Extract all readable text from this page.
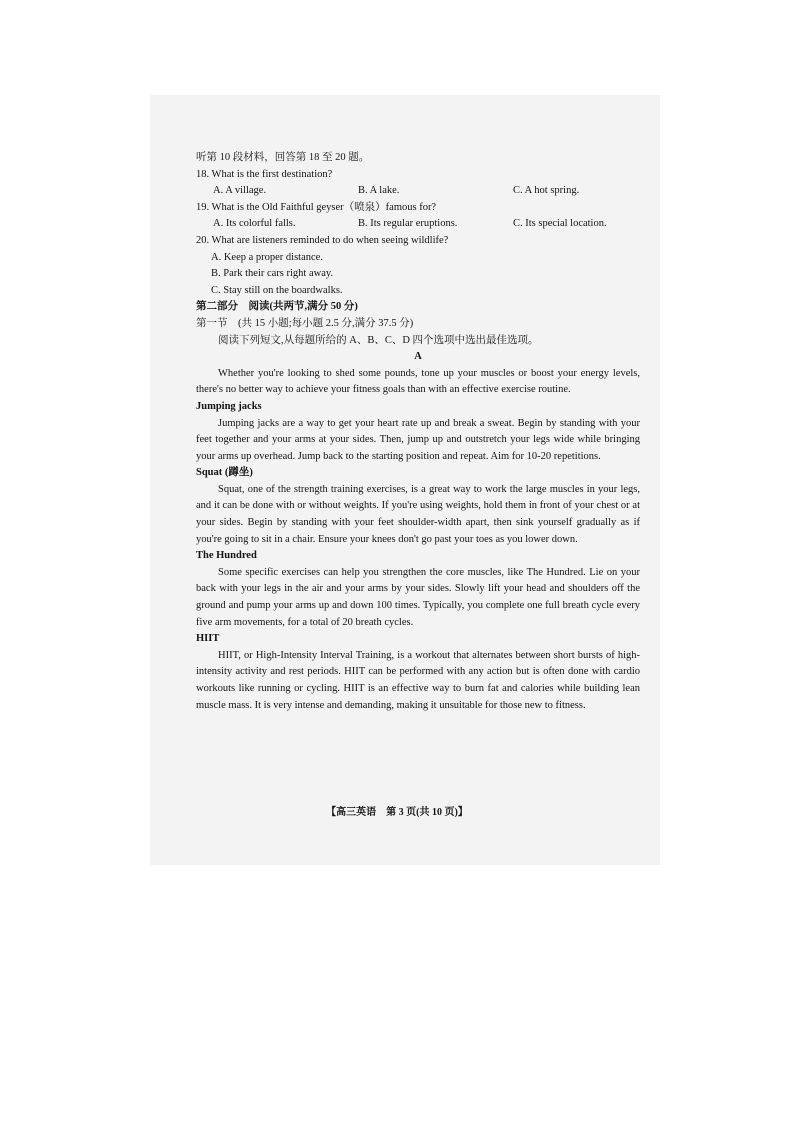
听第 10 段材料，回答第 18 至 20 题。
18. What is the first destination?
A. A village.	B. A lake.	C. A hot spring.
19. What is the Old Faithful geyser（喷泉）famous for?
A. Its colorful falls.	B. Its regular eruptions.	C. Its special location.
20. What are listeners reminded to do when seeing wildlife?
A. Keep a proper distance.
B. Park their cars right away.
C. Stay still on the boardwalks.
第二部分　阅读(共两节,满分 50 分)
第一节　(共 15 小题;每小题 2.5 分,满分 37.5 分)
阅读下列短文,从每题所给的 A、B、C、D 四个选项中选出最佳选项。
A
Whether you're looking to shed some pounds, tone up your muscles or boost your energy levels, there's no better way to achieve your fitness goals than with an effective exercise routine.
Jumping jacks
Jumping jacks are a way to get your heart rate up and break a sweat. Begin by standing with your feet together and your arms at your sides. Then, jump up and outstretch your legs wide while bringing your arms up overhead. Jump back to the starting position and repeat. Aim for 10-20 repetitions.
Squat (蹲坐)
Squat, one of the strength training exercises, is a great way to work the large muscles in your legs, and it can be done with or without weights. If you're using weights, hold them in front of your chest or at your sides. Begin by standing with your feet shoulder-width apart, then sink yourself gradually as if you're going to sit in a chair. Ensure your knees don't go past your toes as you lower down.
The Hundred
Some specific exercises can help you strengthen the core muscles, like The Hundred. Lie on your back with your legs in the air and your arms by your sides. Slowly lift your head and shoulders off the ground and pump your arms up and down 100 times. Typically, you complete one full breath cycle every five arm movements, for a total of 20 breath cycles.
HIIT
HIIT, or High-Intensity Interval Training, is a workout that alternates between short bursts of high-intensity activity and rest periods. HIIT can be performed with any action but is often done with cardio workouts like running or cycling. HIIT is an effective way to burn fat and calories while building lean muscle mass. It is very intense and demanding, making it unsuitable for those new to fitness.
【高三英语　第 3 页(共 10 页)】
